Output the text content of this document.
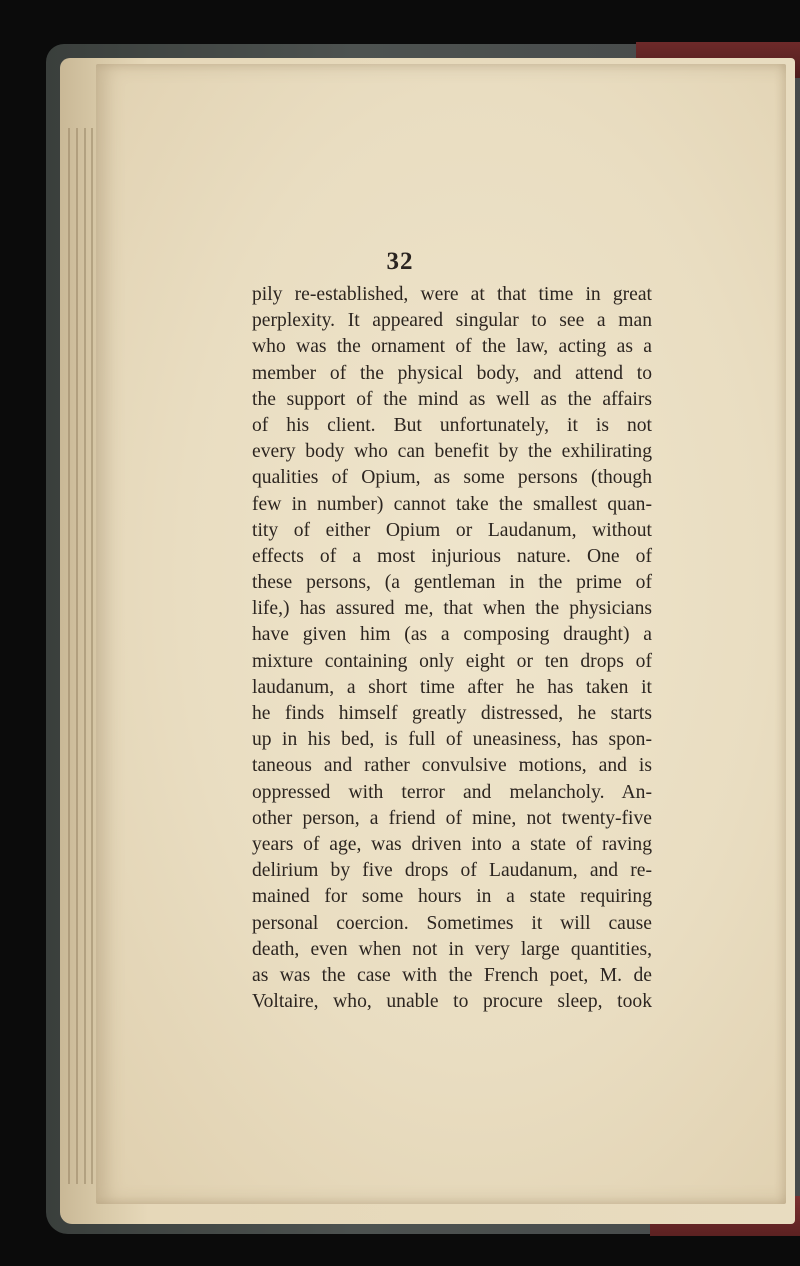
32
pily re-established, were at that time in great
perplexity. It appeared singular to see a man
who was the ornament of the law, acting as a
member of the physical body, and attend to
the support of the mind as well as the affairs
of his client. But unfortunately, it is not
every body who can benefit by the exhilirating
qualities of Opium, as some persons (though
few in number) cannot take the smallest quan-
tity of either Opium or Laudanum, without
effects of a most injurious nature. One of
these persons, (a gentleman in the prime of
life,) has assured me, that when the physicians
have given him (as a composing draught) a
mixture containing only eight or ten drops of
laudanum, a short time after he has taken it
he finds himself greatly distressed, he starts
up in his bed, is full of uneasiness, has spon-
taneous and rather convulsive motions, and is
oppressed with terror and melancholy. An-
other person, a friend of mine, not twenty-five
years of age, was driven into a state of raving
delirium by five drops of Laudanum, and re-
mained for some hours in a state requiring
personal coercion. Sometimes it will cause
death, even when not in very large quantities,
as was the case with the French poet, M. de
Voltaire, who, unable to procure sleep, took
